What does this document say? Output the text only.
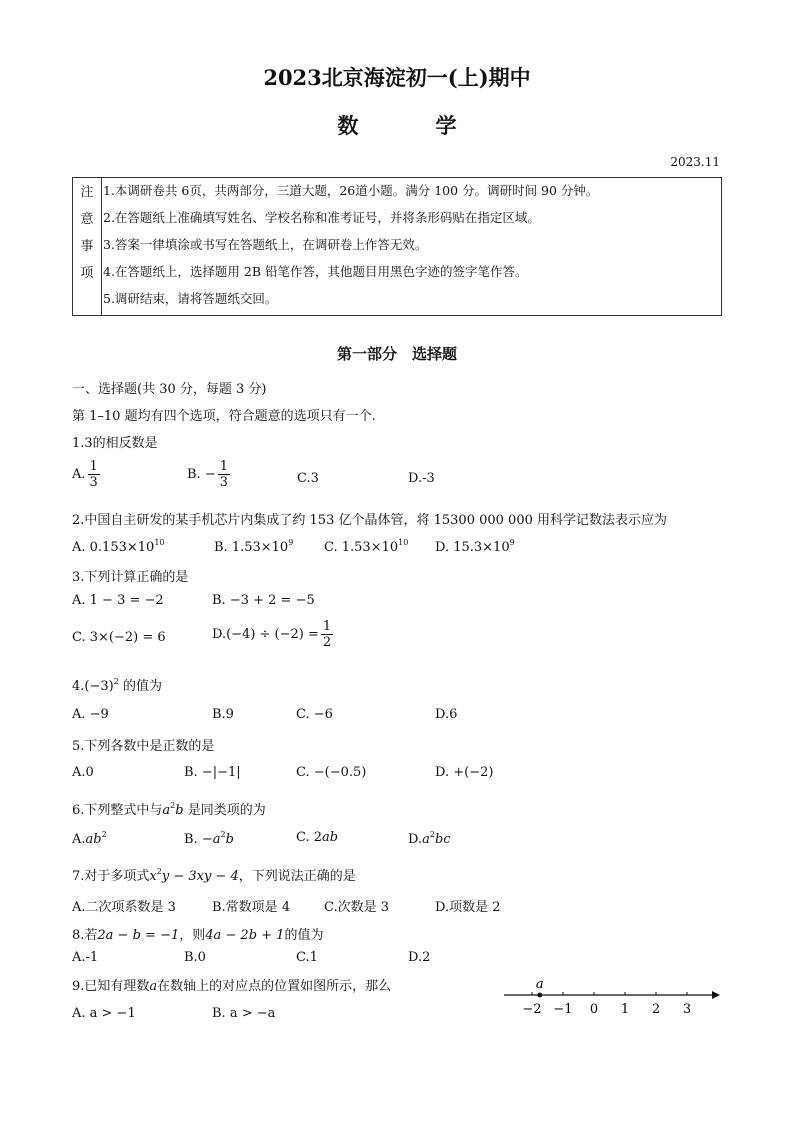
2023北京海淀初一(上)期中
数　学
2023.11
注
意
事
项
1.本调研卷共 6页，共两部分，三道大题，26道小题。满分 100 分。调研时间 90 分钟。
2.在答题纸上准确填写姓名、学校名称和准考证号，并将条形码贴在指定区域。
3.答案一律填涂或书写在答题纸上，在调研卷上作答无效。
4.在答题纸上，选择题用 2B 铅笔作答，其他题目用黑色字迹的签字笔作答。
5.调研结束，请将答题纸交回。
第一部分　选择题
一、选择题(共 30 分，每题 3 分)
第 1–10 题均有四个选项，符合题意的选项只有一个.
1.3的相反数是
A. $\frac{1}{3}$	B. − $\frac{1}{3}$	C.3	D.-3
2.中国自主研发的某手机芯片内集成了约 153 亿个晶体管，将 15300 000 000 用科学记数法表示应为
A. $0.153\times 10^{10}$	B. $1.53\times 10^9$ C. $1.53\times 10^{10}$ D. $15.3\times 10^9$
3.下列计算正确的是
A. 1 − 3 = −2	B. −3 + 2 = −5
C. 3×(−2) = 6	$D.(-4) \div (-2) = \frac{1}{2}$
$4.(-3)^2$ 的值为
A. −9	B.9	C. −6	D.6
5.下列各数中是正数的是
A.0	B. −|−1|	C. −(−0.5)	D. +(−2)
6.下列整式中与$a^2b$ 是同类项的为
$A.ab^2$	B. $-a^2b$	C. 2ab	$D.a^2bc$
7.对于多项式$x^2y - 3xy - 4$，下列说法正确的是
A.二次项系数是 3	B.常数项是 4	C.次数是 3	D.项数是 2
8.若2a − b = −1，则4a − 2b + 1的值为
A.-1	B.0	C.1	D.2
9.已知有理数a在数轴上的对应点的位置如图所示，那么
A. a > −1	B. a > −a	−2 −1 0 1 2 3
a
